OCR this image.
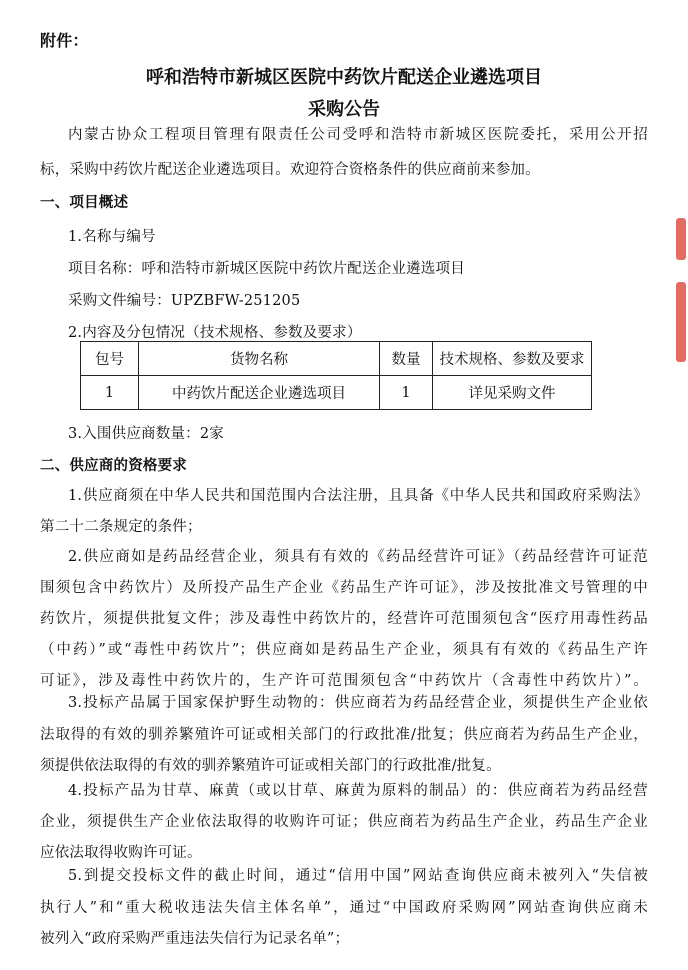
附件：
呼和浩特市新城区医院中药饮片配送企业遴选项目
采购公告
内蒙古协众工程项目管理有限责任公司受呼和浩特市新城区医院委托，采用公开招
标，采购中药饮片配送企业遴选项目。欢迎符合资格条件的供应商前来参加。
一、项目概述
1.名称与编号
项目名称：呼和浩特市新城区医院中药饮片配送企业遴选项目
采购文件编号：UPZBFW-251205
2.内容及分包情况（技术规格、参数及要求）
包号	货物名称	数量	技术规格、参数及要求
1	中药饮片配送企业遴选项目	1	详见采购文件
3.入围供应商数量：2家
二、供应商的资格要求
1.供应商须在中华人民共和国范围内合法注册，且具备《中华人民共和国政府采购法》
第二十二条规定的条件；
2.供应商如是药品经营企业，须具有有效的《药品经营许可证》（药品经营许可证范
围须包含中药饮片）及所投产品生产企业《药品生产许可证》，涉及按批准文号管理的中
药饮片，须提供批复文件；涉及毒性中药饮片的，经营许可范围须包含“医疗用毒性药品
（中药）”或“毒性中药饮片”；供应商如是药品生产企业，须具有有效的《药品生产许
可证》，涉及毒性中药饮片的，生产许可范围须包含“中药饮片（含毒性中药饮片）”。
3.投标产品属于国家保护野生动物的：供应商若为药品经营企业，须提供生产企业依
法取得的有效的驯养繁殖许可证或相关部门的行政批准/批复；供应商若为药品生产企业，
须提供依法取得的有效的驯养繁殖许可证或相关部门的行政批准/批复。
4.投标产品为甘草、麻黄（或以甘草、麻黄为原料的制品）的：供应商若为药品经营
企业，须提供生产企业依法取得的收购许可证；供应商若为药品生产企业，药品生产企业
应依法取得收购许可证。
5.到提交投标文件的截止时间，通过“信用中国”网站查询供应商未被列入“失信被
执行人”和“重大税收违法失信主体名单”，通过“中国政府采购网”网站查询供应商未
被列入“政府采购严重违法失信行为记录名单”；
